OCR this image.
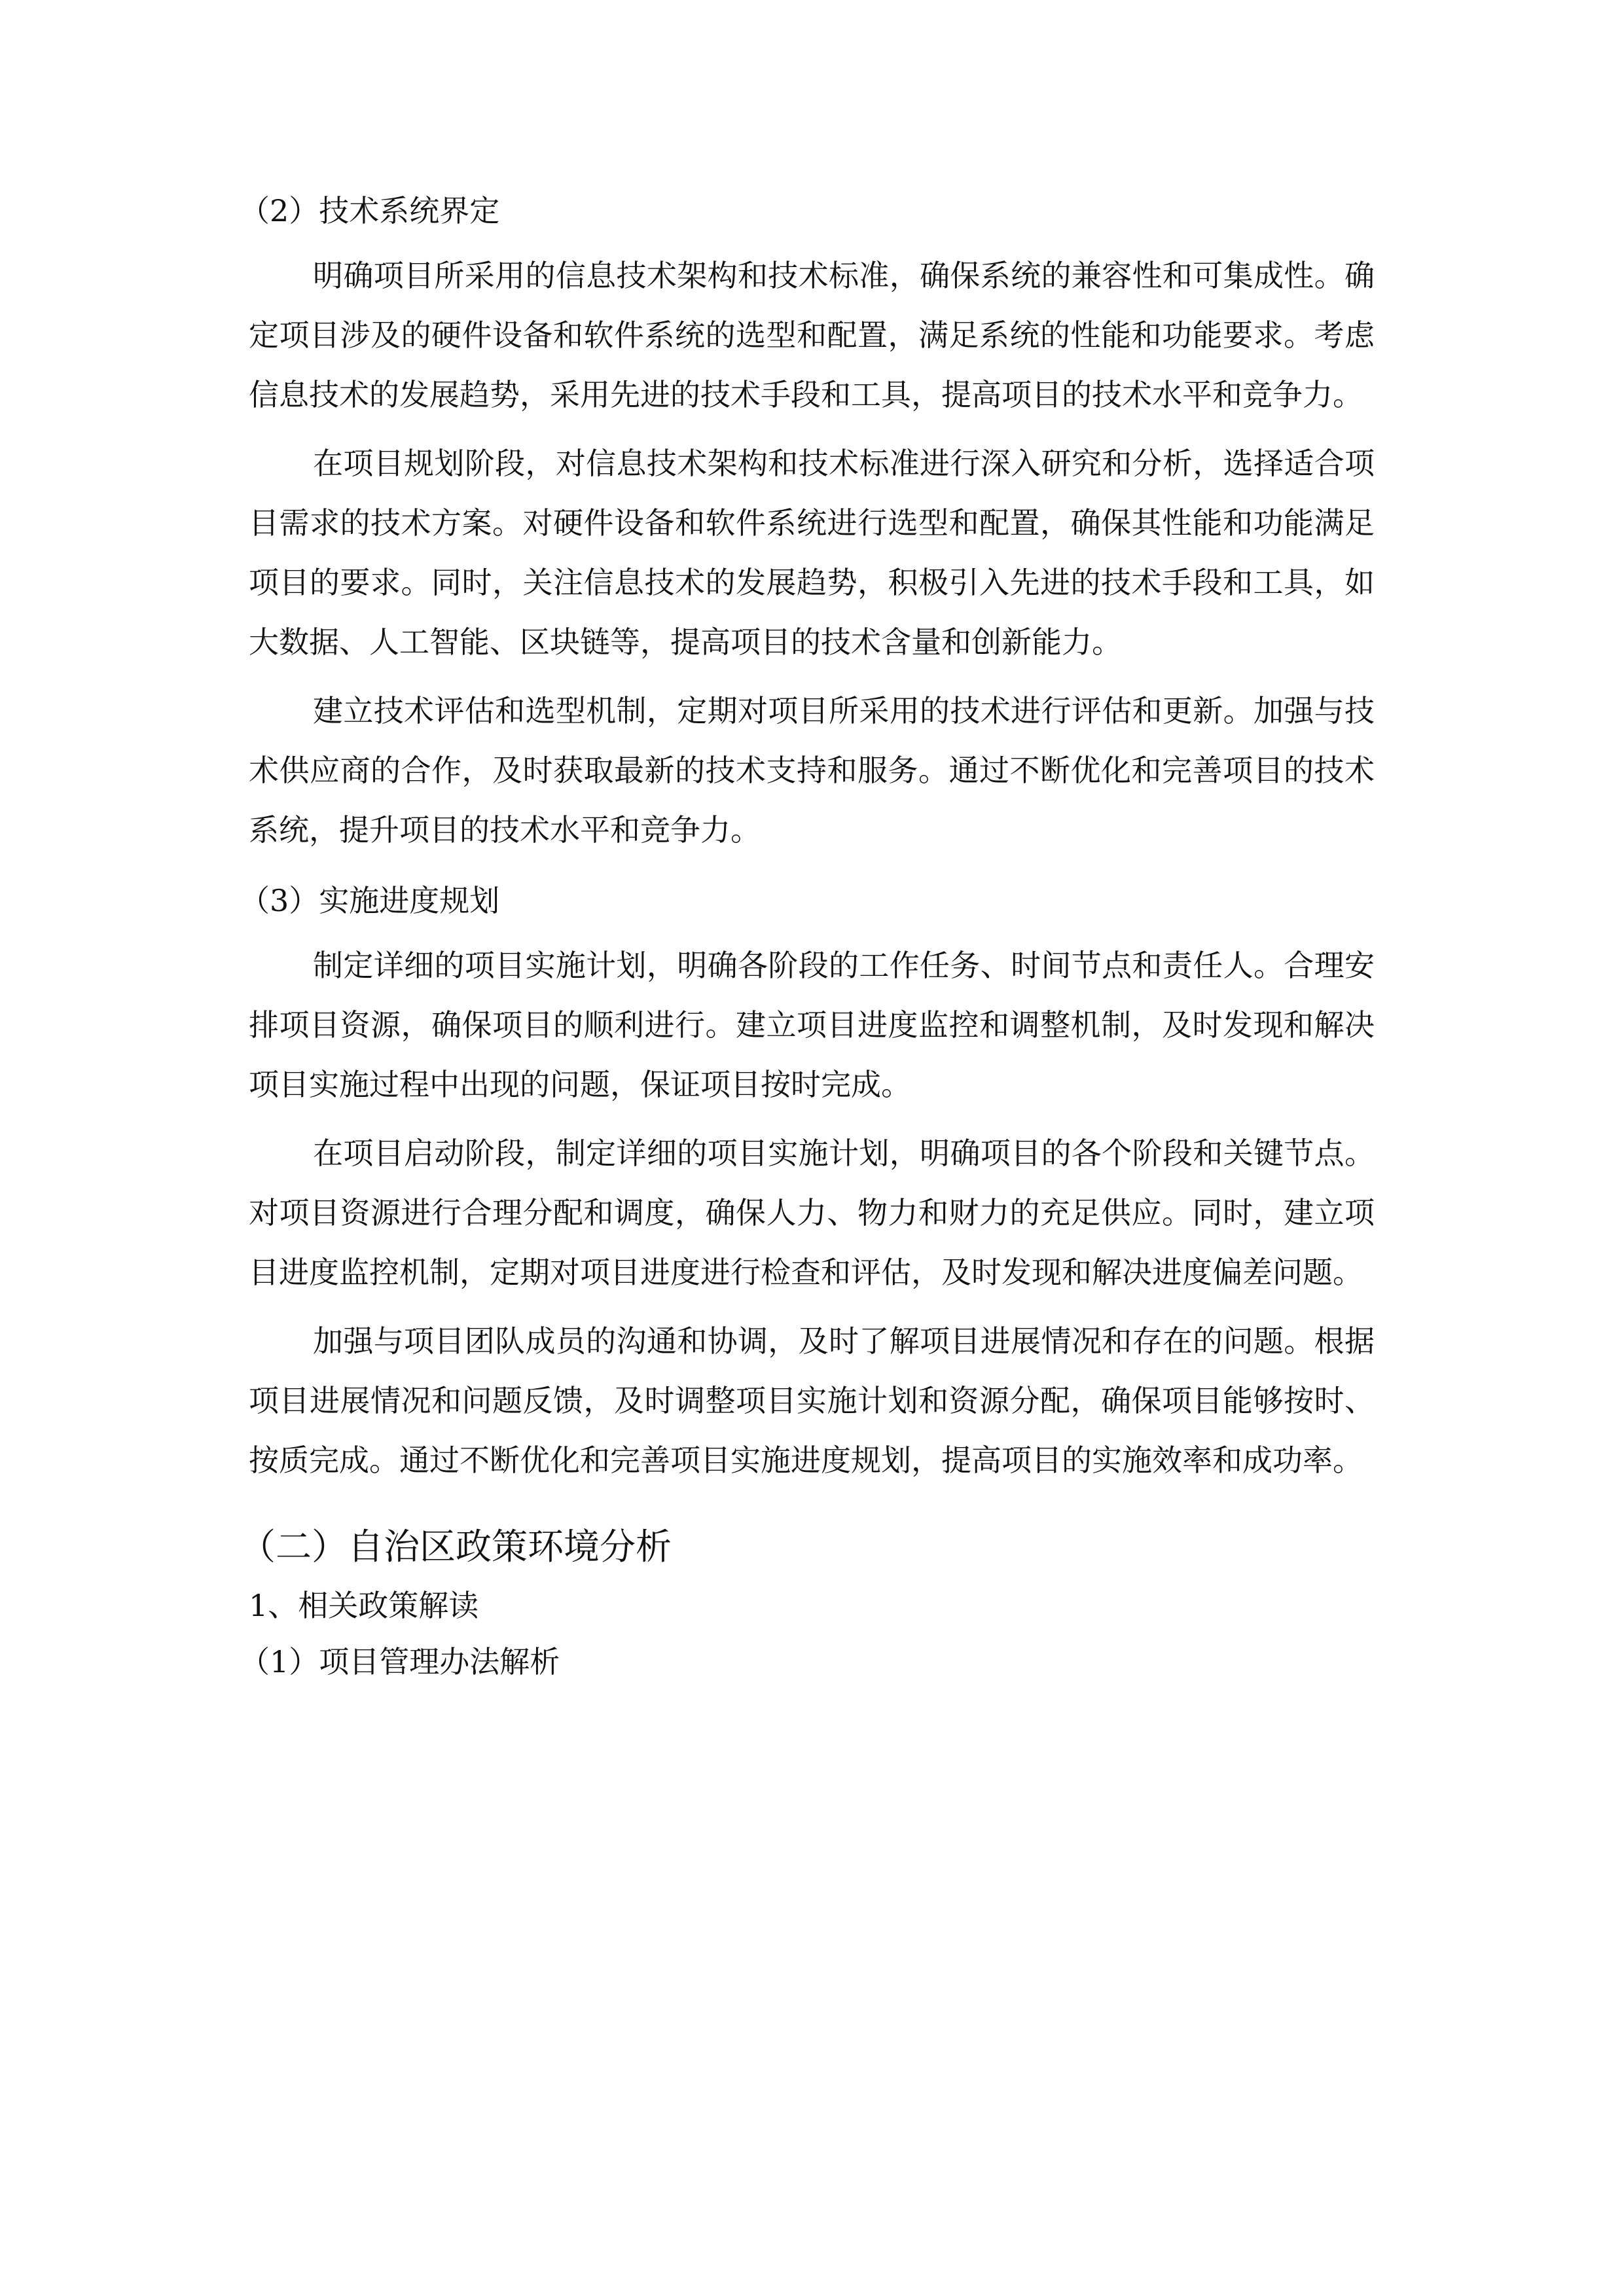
（2）技术系统界定

明确项目所采用的信息技术架构和技术标准，确保系统的兼容性和可集成性。确定项目涉及的硬件设备和软件系统的选型和配置，满足系统的性能和功能要求。考虑信息技术的发展趋势，采用先进的技术手段和工具，提高项目的技术水平和竞争力。

在项目规划阶段，对信息技术架构和技术标准进行深入研究和分析，选择适合项目需求的技术方案。对硬件设备和软件系统进行选型和配置，确保其性能和功能满足项目的要求。同时，关注信息技术的发展趋势，积极引入先进的技术手段和工具，如大数据、人工智能、区块链等，提高项目的技术含量和创新能力。

建立技术评估和选型机制，定期对项目所采用的技术进行评估和更新。加强与技术供应商的合作，及时获取最新的技术支持和服务。通过不断优化和完善项目的技术系统，提升项目的技术水平和竞争力。

（3）实施进度规划

制定详细的项目实施计划，明确各阶段的工作任务、时间节点和责任人。合理安排项目资源，确保项目的顺利进行。建立项目进度监控和调整机制，及时发现和解决项目实施过程中出现的问题，保证项目按时完成。

在项目启动阶段，制定详细的项目实施计划，明确项目的各个阶段和关键节点。对项目资源进行合理分配和调度，确保人力、物力和财力的充足供应。同时，建立项目进度监控机制，定期对项目进度进行检查和评估，及时发现和解决进度偏差问题。

加强与项目团队成员的沟通和协调，及时了解项目进展情况和存在的问题。根据项目进展情况和问题反馈，及时调整项目实施计划和资源分配，确保项目能够按时、按质完成。通过不断优化和完善项目实施进度规划，提高项目的实施效率和成功率。

（二）自治区政策环境分析
1、相关政策解读
（1）项目管理办法解析
